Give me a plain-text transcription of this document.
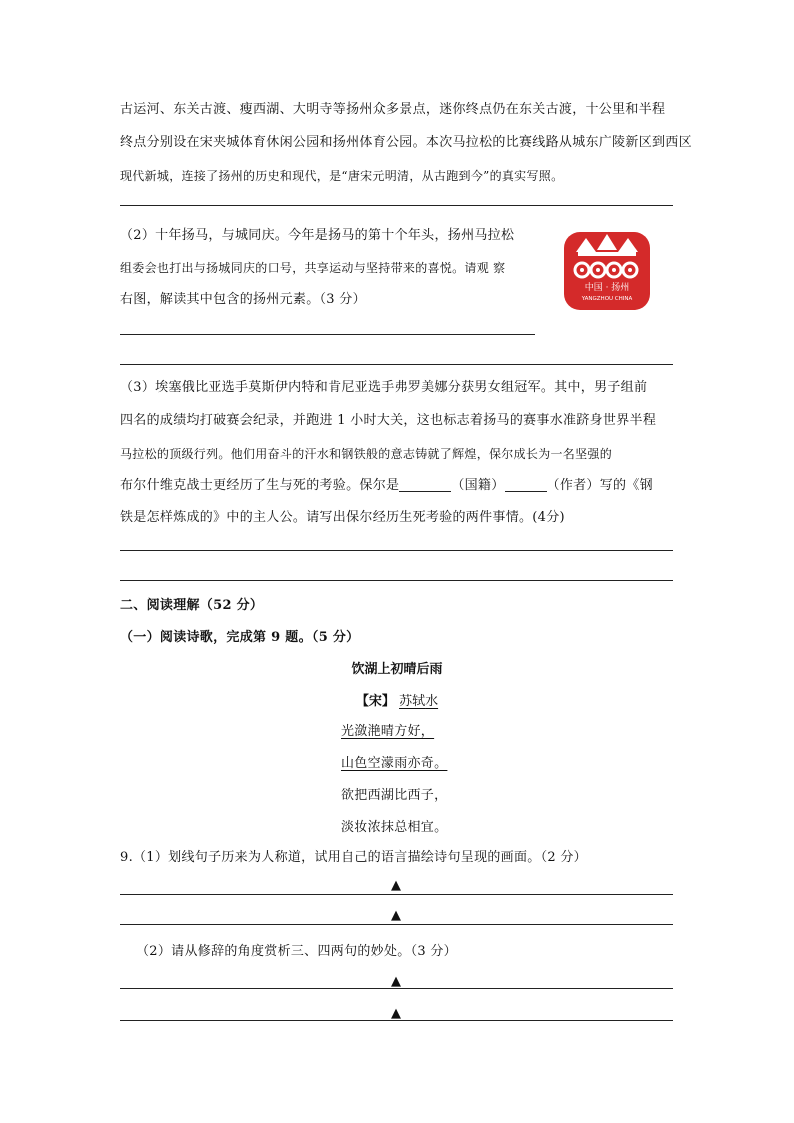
古运河、东关古渡、瘦西湖、大明寺等扬州众多景点，迷你终点仍在东关古渡，十公里和半程
终点分别设在宋夹城体育休闲公园和扬州体育公园。本次马拉松的比赛线路从城东广陵新区到西区
现代新城，连接了扬州的历史和现代，是“唐宋元明清，从古跑到今”的真实写照。
（2）十年扬马，与城同庆。今年是扬马的第十个年头，扬州马拉松
组委会也打出与扬城同庆的口号，共享运动与坚持带来的喜悦。请观 察
右图，解读其中包含的扬州元素。（3 分）
中国 · 扬州
YANGZHOU CHINA
（3）埃塞俄比亚选手莫斯伊内特和肯尼亚选手弗罗美娜分获男女组冠军。其中，男子组前
四名的成绩均打破赛会纪录，并跑进 1 小时大关，这也标志着扬马的赛事水准跻身世界半程
马拉松的顶级行列。他们用奋斗的汗水和钢铁般的意志铸就了辉煌，保尔成长为一名坚强的
布尔什维克战士更经历了生与死的考验。保尔是	（国籍）	（作者）写的《钢
铁是怎样炼成的》中的主人公。请写出保尔经历生死考验的两件事情。(4分)
二、阅读理解（52 分）
（一）阅读诗歌，完成第 9 题。（5 分）
饮湖上初晴后雨
【宋】 苏轼水
光潋滟晴方好，
山色空濛雨亦奇。
欲把西湖比西子，
淡妆浓抹总相宜。
9.（1）划线句子历来为人称道，试用自己的语言描绘诗句呈现的画面。（2 分）
▲
▲
（2）请从修辞的角度赏析三、四两句的妙处。（3 分）
▲
▲
